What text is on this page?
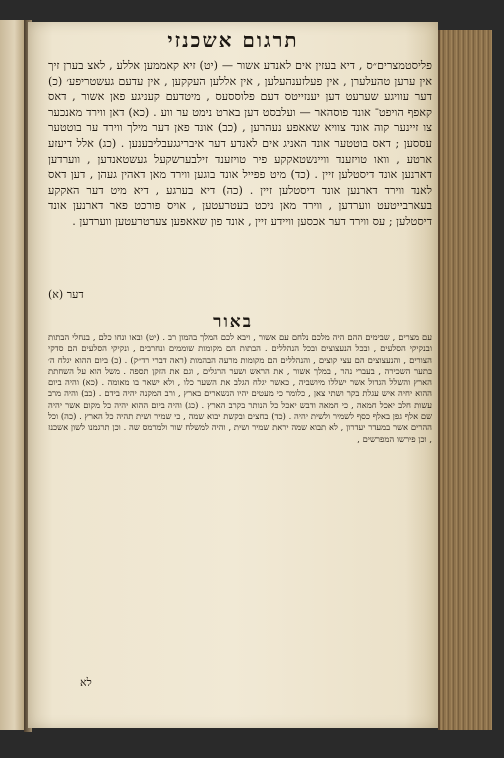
תרגום אשכנזי

פליסטמצרים״ס , דיא בעזין אים לאנדע אשור — (יט) זיא קאממען אללע , לאצ בערן זיך אין ערען טהעלערן , אין פעלזענהעלען , אין אללען העקקען , אין עדעם געשטריפע׳ (כ) דער עוויגע שערעט דען יענזייטס דעם פלוססעס , מיטדעם קעניגע פאן אשור , דאס קאפף הויפט־ אונד פוסהאר — ועלבסט דען בארט נימט ער ווע . (כא) דאן ווירד מאנכער צו זיינער קוה אונד צוויא שאאפע נעהרען , (כב) אונד פאן דער מילך ווירד ער בוטטער עססען ; דאס בוטטער אונד האניג אים לאנדע דער איבריגגעבליבענען . (כג) אלל דיעזע ארטע , וואו טויזענד וויינשטאקקע פיר טויזענד זילבערשקעל געשטאנדען , ווערדען דארנען אונד דיסטלען זיין . (כד) מיט פפייל אונד בוגען ווירד מאן דאהין געהן , דען דאס לאנד ווירד דארנען אונד דיסטלען זיין . (כה) דיא בערגע , דיא מיט דער האקקע בעארבייטעט ווערדען , ווירד מאן ניכט בעטרעטען , אויס פורכט פאר דארנען אונד דיסטלען ; עס ווירד דער אכסען וויידע זיין , אונד פון שאאפען צערטרעטען ווערדען .

(א) דער
באור

עם מצרים , שבימים ההם היה מלכם נלחם עם אשור , ויבא לכם המלך בהמון רב . (יט) ובאו ונחו כלם , בנחלי הבתות ובנקיקי הסלעים , ובכל הנעצוצים ובכל הנהללים . הבתות הם מקומות שוממים ונחרבים , ונקיקי הסלעים הם סדקי הצורים , והנעצוצים הם עצי קוצים , והנהללים הם מקומות מרעה הבהמות (ראה דברי רד״ק) . (כ) ביום ההוא יגלח ה׳ בתער השכירה , בעברי נהר , במלך אשור , את הראש ושער הרגלים , וגם את הזקן תספה . משל הוא על השחתת הארץ והשלל הגדול אשר ישללו מיושביה , כאשר יגלח הגלב את השער כלו , ולא ישאר בו מאומה . (כא) והיה ביום ההוא יחיה איש עגלת בקר ושתי צאן , כלומר כי מעטים יהיו הנשארים בארץ , ורב המקנה יהיה בידם . (כב) והיה מרב עשות חלב יאכל חמאה , כי חמאה ודבש יאכל כל הנותר בקרב הארץ . (כג) והיה ביום ההוא יהיה כל מקום אשר יהיה שם אלף גפן באלף כסף לשמיר ולשית יהיה . (כד) בחצים ובקשת יבוא שמה , כי שמיר ושית תהיה כל הארץ . (כה) וכל ההרים אשר במעדר יעדרון , לא תבוא שמה יראת שמיר ושית , והיה למשלח שור ולמרמס שה . וכן תרגמנו לשון אשכנז , וכן פירשו המפרשים ,

לא
